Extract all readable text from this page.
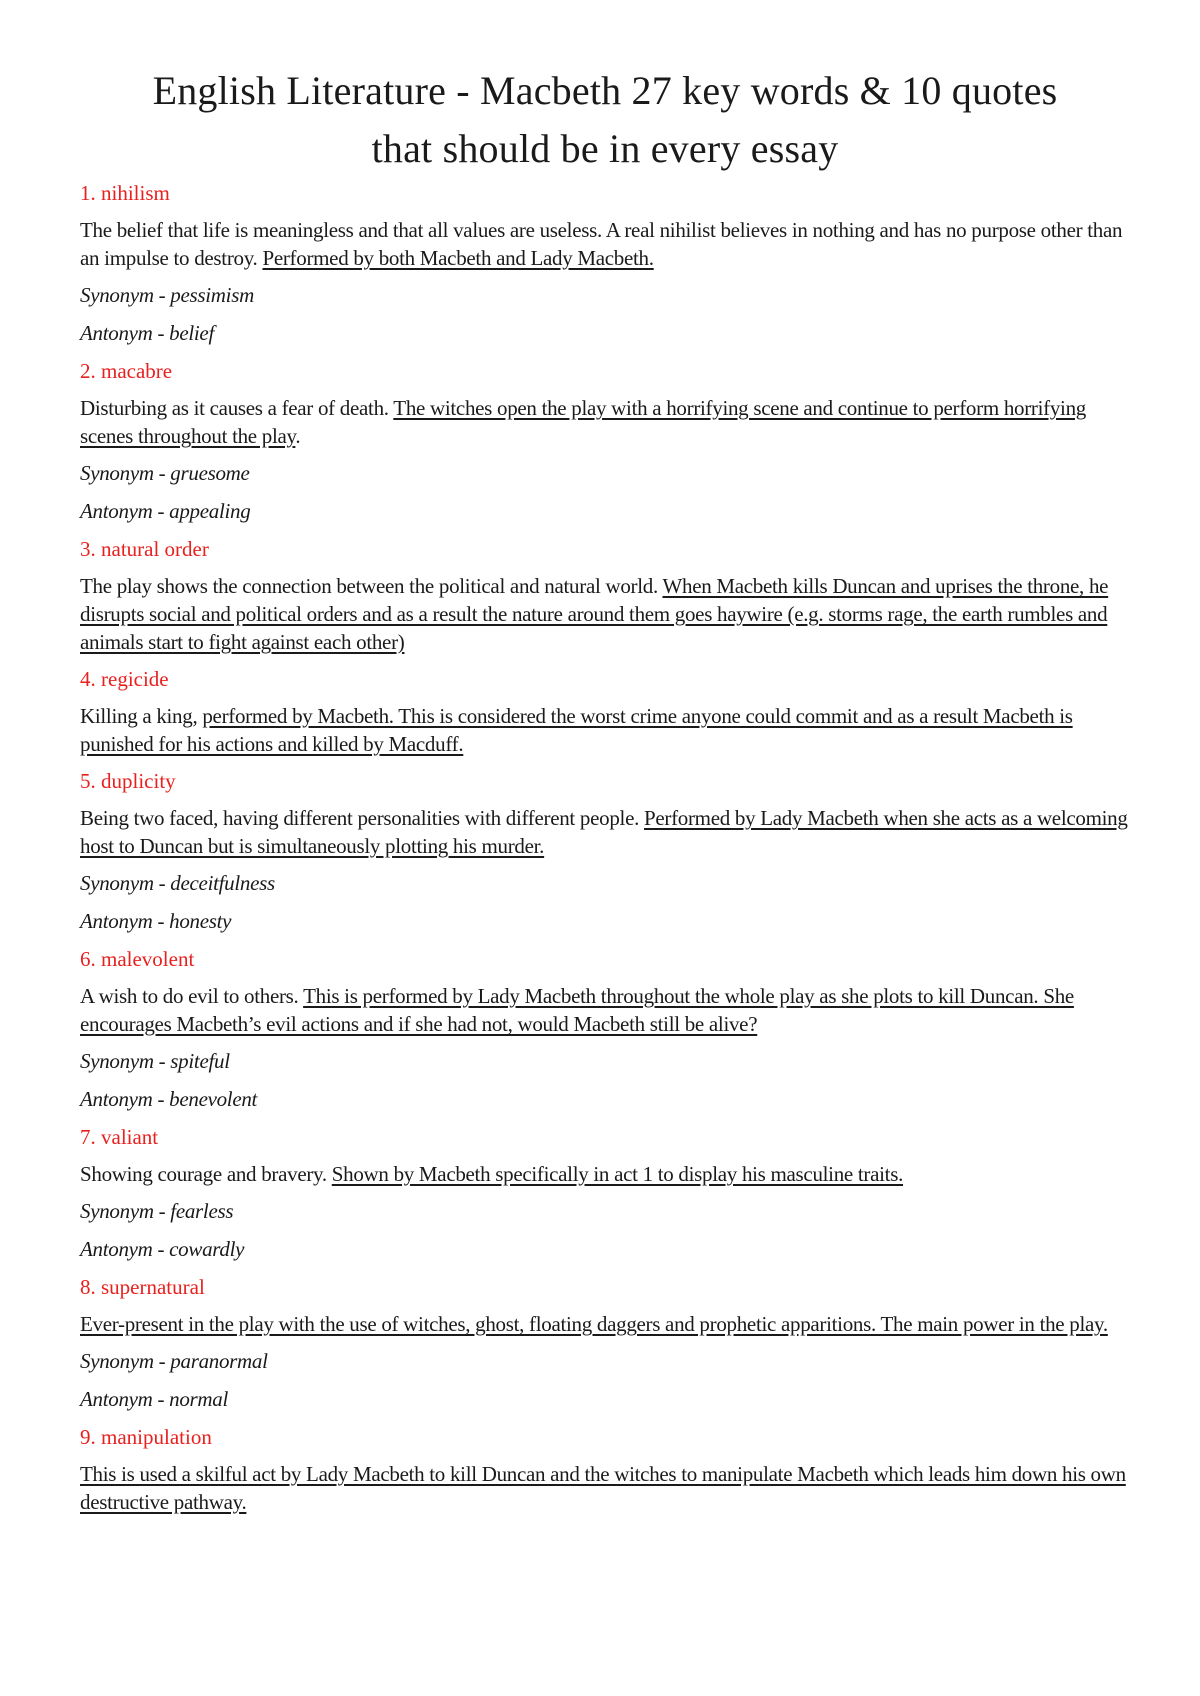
English Literature - Macbeth 27 key words & 10 quotes
that should be in every essay
1. nihilism
The belief that life is meaningless and that all values are useless. A real nihilist believes in nothing and has no purpose other than an impulse to destroy. Performed by both Macbeth and Lady Macbeth.
Synonym - pessimism
Antonym - belief
2. macabre
Disturbing as it causes a fear of death. The witches open the play with a horrifying scene and continue to perform horrifying scenes throughout the play.
Synonym - gruesome
Antonym - appealing
3. natural order
The play shows the connection between the political and natural world. When Macbeth kills Duncan and uprises the throne, he disrupts social and political orders and as a result the nature around them goes haywire (e.g. storms rage, the earth rumbles and animals start to fight against each other)
4. regicide
Killing a king, performed by Macbeth. This is considered the worst crime anyone could commit and as a result Macbeth is punished for his actions and killed by Macduff.
5. duplicity
Being two faced, having different personalities with different people. Performed by Lady Macbeth when she acts as a welcoming host to Duncan but is simultaneously plotting his murder.
Synonym - deceitfulness
Antonym - honesty
6. malevolent
A wish to do evil to others. This is performed by Lady Macbeth throughout the whole play as she plots to kill Duncan. She encourages Macbeth’s evil actions and if she had not, would Macbeth still be alive?
Synonym - spiteful
Antonym - benevolent
7. valiant
Showing courage and bravery. Shown by Macbeth specifically in act 1 to display his masculine traits.
Synonym - fearless
Antonym - cowardly
8. supernatural
Ever-present in the play with the use of witches, ghost, floating daggers and prophetic apparitions. The main power in the play.
Synonym - paranormal
Antonym - normal
9. manipulation
This is used a skilful act by Lady Macbeth to kill Duncan and the witches to manipulate Macbeth which leads him down his own destructive pathway.
